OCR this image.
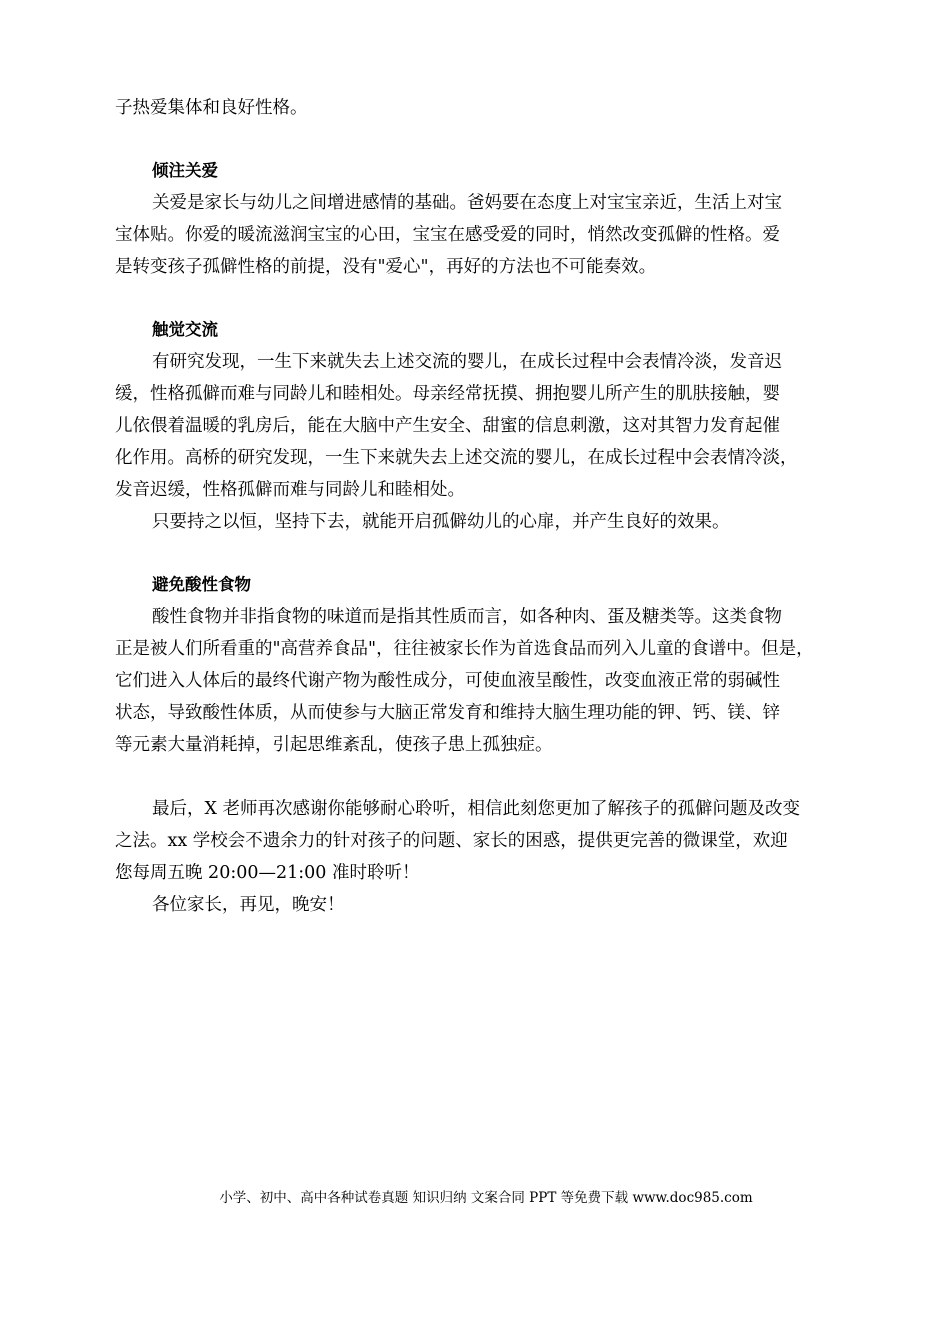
子热爱集体和良好性格。
倾注关爱
关爱是家长与幼儿之间增进感情的基础。爸妈要在态度上对宝宝亲近，生活上对宝
宝体贴。你爱的暖流滋润宝宝的心田，宝宝在感受爱的同时，悄然改变孤僻的性格。爱
是转变孩子孤僻性格的前提，没有"爱心"，再好的方法也不可能奏效。
触觉交流
有研究发现，一生下来就失去上述交流的婴儿，在成长过程中会表情冷淡，发音迟
缓，性格孤僻而难与同龄儿和睦相处。母亲经常抚摸、拥抱婴儿所产生的肌肤接触，婴
儿依偎着温暖的乳房后，能在大脑中产生安全、甜蜜的信息刺激，这对其智力发育起催
化作用。高桥的研究发现，一生下来就失去上述交流的婴儿，在成长过程中会表情冷淡，
发音迟缓，性格孤僻而难与同龄儿和睦相处。
只要持之以恒，坚持下去，就能开启孤僻幼儿的心扉，并产生良好的效果。
避免酸性食物
酸性食物并非指食物的味道而是指其性质而言，如各种肉、蛋及糖类等。这类食物
正是被人们所看重的"高营养食品"，往往被家长作为首选食品而列入儿童的食谱中。但是，
它们进入人体后的最终代谢产物为酸性成分，可使血液呈酸性，改变血液正常的弱碱性
状态，导致酸性体质，从而使参与大脑正常发育和维持大脑生理功能的钾、钙、镁、锌
等元素大量消耗掉，引起思维紊乱，使孩子患上孤独症。
最后，X 老师再次感谢你能够耐心聆听，相信此刻您更加了解孩子的孤僻问题及改变
之法。xx 学校会不遗余力的针对孩子的问题、家长的困惑，提供更完善的微课堂，欢迎
您每周五晚 20:00—21:00 准时聆听！
各位家长，再见，晚安！
小学、初中、高中各种试卷真题 知识归纳 文案合同 PPT 等免费下载 www.doc985.com
